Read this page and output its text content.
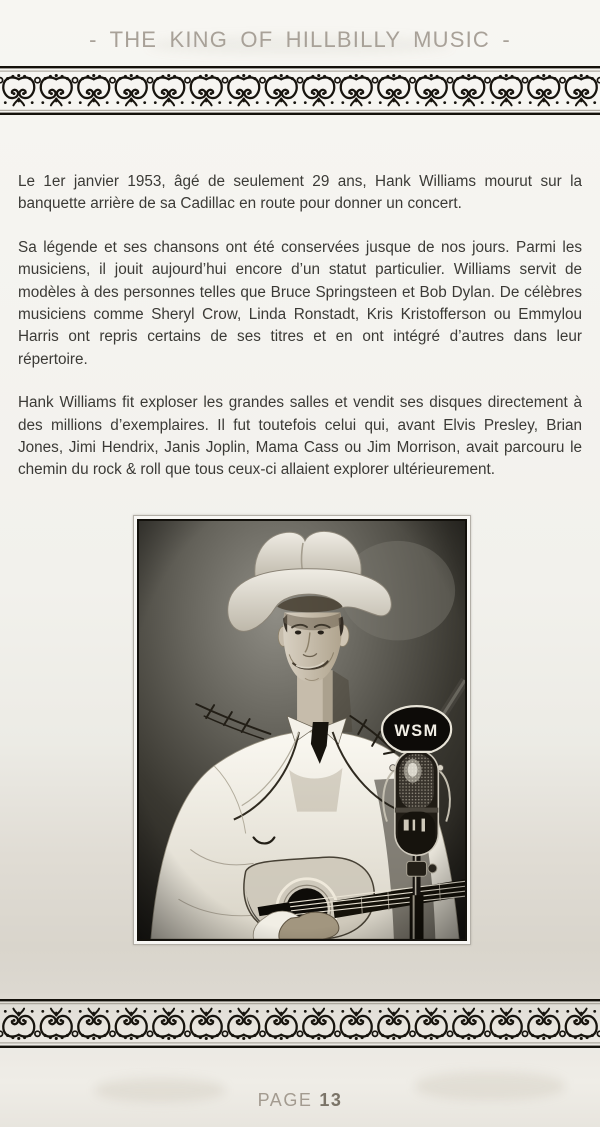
- THE KING OF HILLBILLY MUSIC -

Le 1er janvier 1953, âgé de seulement 29 ans, Hank Williams mourut sur la banquette arrière de sa Cadillac en route pour donner un concert.

Sa légende et ses chansons ont été conservées jusque de nos jours. Parmi les musiciens, il jouit aujourd’hui encore d’un statut particulier. Williams servit de modèles à des personnes telles que Bruce Springsteen et Bob Dylan. De célèbres musiciens comme Sheryl Crow, Linda Ronstadt, Kris Kristofferson ou Emmylou Harris ont repris certains de ses titres et en ont intégré d’autres dans leur répertoire.

Hank Williams fit exploser les grandes salles et vendit ses disques directement à des millions d’exemplaires. Il fut toutefois celui qui, avant Elvis Presley, Brian Jones, Jimi Hendrix, Janis Joplin, Mama Cass ou Jim Morrison, avait parcouru le chemin du rock & roll que tous ceux-ci allaient explorer ultérieurement.

PAGE 13
